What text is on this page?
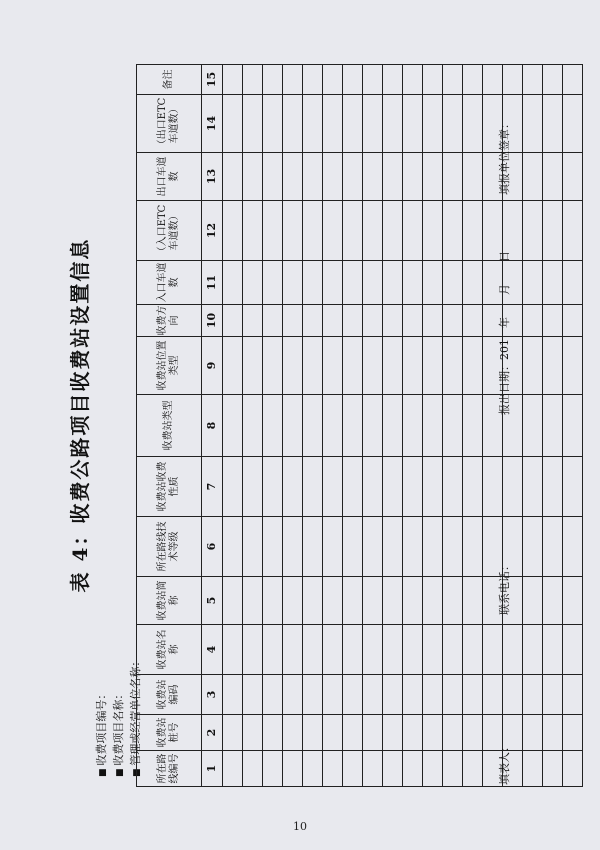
表 4：收费公路项目收费站设置信息
■ 收费项目编号： ■ 收费项目名称： ■ 管理或经营单位名称：
所在路线编号	收费站桩号	收费站编码	收费站名称	收费站简称	所在路线技术等级	收费站收费性质	收费站类型	收费站位置类型	收费方向	入口车道数	（入口ETC车道数）	出口车道数	（出口ETC车道数）	备注
1	2	3	4	5	6	7	8	9	10	11	12	13	14	15

填表人：
联系电话：
报出日期：201　年　　月　　日
填报单位签章：
10
